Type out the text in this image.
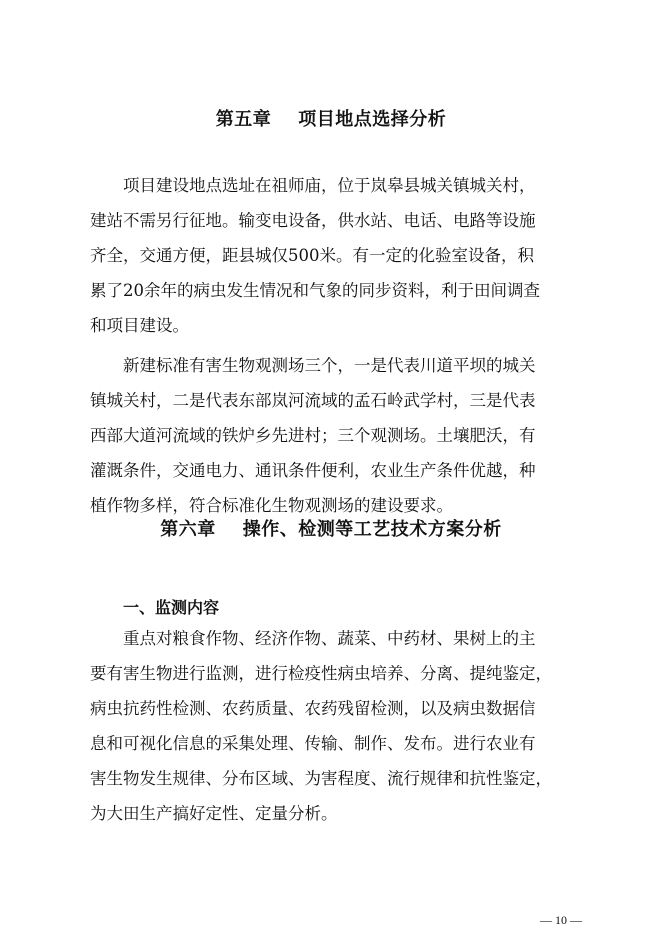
第五章    项目地点选择分析
项目建设地点选址在祖师庙，位于岚皋县城关镇城关村，
建站不需另行征地。输变电设备，供水站、电话、电路等设施
齐全，交通方便，距县城仅500米。有一定的化验室设备，积
累了20余年的病虫发生情况和气象的同步资料，利于田间调查
和项目建设。
新建标准有害生物观测场三个，一是代表川道平坝的城关
镇城关村，二是代表东部岚河流域的孟石岭武学村，三是代表
西部大道河流域的铁炉乡先进村；三个观测场。土壤肥沃，有
灌溉条件，交通电力、通讯条件便利，农业生产条件优越，种
植作物多样，符合标准化生物观测场的建设要求。
第六章    操作、检测等工艺技术方案分析
一、监测内容
重点对粮食作物、经济作物、蔬菜、中药材、果树上的主
要有害生物进行监测，进行检疫性病虫培养、分离、提纯鉴定，
病虫抗药性检测、农药质量、农药残留检测，以及病虫数据信
息和可视化信息的采集处理、传输、制作、发布。进行农业有
害生物发生规律、分布区域、为害程度、流行规律和抗性鉴定，
为大田生产搞好定性、定量分析。
— 10 —
